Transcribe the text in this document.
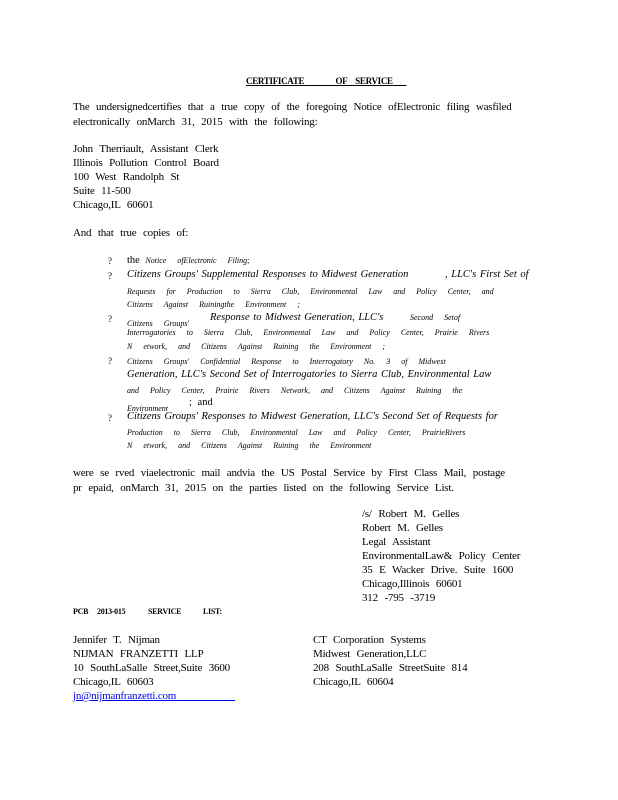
CERTIFICATE	OF SERVICE
The undersignedcertifies that a true copy of the foregoing Notice ofElectronic filing wasfiled
electronically onMarch 31, 2015 with the following:
John Therriault, Assistant Clerk
Illinois Pollution Control Board
100 West Randolph St
Suite 11-500
Chicago,IL 60601
And that true copies of:
? the Notice ofElectronic Filing;
? Citizens Groups' Supplemental Responses to Midwest Generation	, LLC's First Set of
Requests for Production to Sierra Club, Environmental Law and Policy Center, and
Citizens Against Ruiningthe Environment ;
? Citizens Groups'
Response to Midwest Generation, LLC's	Second Setof
Interrogatories to Sierra Club, Environmental Law and Policy Center, Prairie Rivers
N etwork, and Citizens Against Ruining the Environment ;
? Citizens Groups' Confidential Response to Interrogatory No. 3 of Midwest
Generation, LLC's Second Set of Interrogatories to Sierra Club, Environmental Law
and Policy Center, Prairie Rivers Network, and Citizens Against Ruining the
Environment
; and
? Citizens Groups' Responses to Midwest Generation, LLC's Second Set of Requests for
Production to Sierra Club, Environmental Law and Policy Center, PrairieRivers
N etwork, and Citizens Against Ruining the Environment
were se rved viaelectronic mail andvia the US Postal Service by First Class Mail, postage
pr epaid, onMarch 31, 2015 on the parties listed on the following Service List.
/s/ Robert M. Gelles
Robert M. Gelles
Legal Assistant
EnvironmentalLaw& Policy Center
35 E Wacker Drive. Suite 1600
Chicago,Illinois 60601
312 -795 -3719
PCB 2013-015	SERVICE	LIST:
Jennifer T. Nijman
NIJMAN FRANZETTI LLP
10 SouthLaSalle Street,Suite 3600
Chicago,IL 60603
jn@nijmanfranzetti.com
CT Corporation Systems
Midwest Generation,LLC
208 SouthLaSalle StreetSuite 814
Chicago,IL 60604
